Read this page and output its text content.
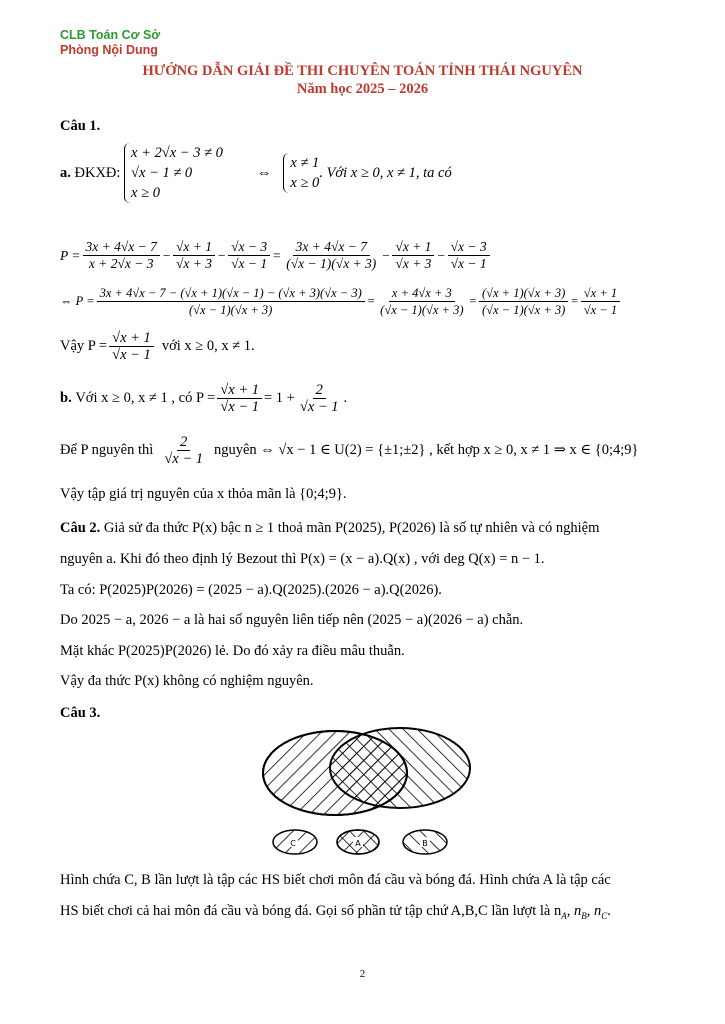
CLB Toán Cơ Sở
Phòng Nội Dung
HƯỚNG DẪN GIẢI ĐỀ THI CHUYÊN TOÁN TỈNH THÁI NGUYÊN
Năm học 2025 – 2026
Câu 1.
a.
ĐKXĐ:

x + 2√x − 3 ≠ 0
√x − 1 ≠ 0
x ≥ 0
⇔
x ≠ 1
x ≥ 0
. Với x ≥ 0, x ≠ 1, ta có
$P = \frac{3x + 4√x - 7}{x + 2√x - 3} - \frac{√x + 1}{√x + 3} - \frac{√x - 3}{√x - 1} = \frac{3x + 4√x - 7}{(√x - 1)(√x + 3)} - \frac{√x + 1}{√x + 3} - \frac{√x - 3}{√x - 1}$
⇔ $P = \frac{3x + 4√x - 7 - (√x + 1)(√x - 1) - (√x + 3)(√x - 3)}{(√x - 1)(√x + 3)} = \frac{x + 4√x + 3}{(√x - 1)(√x + 3)} = \frac{(√x + 1)(√x + 3)}{(√x - 1)(√x + 3)} = \frac{√x + 1}{√x - 1}$
Vậy $P = \frac{√x + 1}{√x - 1}$ với x ≥ 0, x ≠ 1.
b.
Với x ≥ 0, x ≠ 1 , có $P = \frac{√x + 1}{√x - 1} = 1 + \frac{2}{√x - 1}$ .
Để P nguyên thì $\frac{2}{√x - 1}$ nguyên ⇔ √x − 1 ∈ U(2) = {±1;±2} , kết hợp x ≥ 0, x ≠ 1 ⇒ x ∈ {0;4;9}
Vậy tập giá trị nguyên của x thỏa mãn là {0;4;9}.
Câu 2. Giả sử đa thức P(x) bậc n ≥ 1 thoả mãn P(2025), P(2026) là số tự nhiên và có nghiệm
nguyên a. Khi đó theo định lý Bezout thì P(x) = (x − a).Q(x) , với deg Q(x) = n − 1.
Ta có: P(2025)P(2026) = (2025 − a).Q(2025).(2026 − a).Q(2026).
Do 2025 − a, 2026 − a là hai số nguyên liên tiếp nên (2025 − a)(2026 − a) chẵn.
Mặt khác P(2025)P(2026) lẻ. Do đó xảy ra điều mâu thuẫn.
Vậy đa thức P(x) không có nghiệm nguyên.
Câu 3.
C	A	B
Hình chứa C, B lần lượt là tập các HS biết chơi môn đá cầu và bóng đá. Hình chứa A là tập các
HS biết chơi cả hai môn đá cầu và bóng đá. Gọi số phần tử tập chứ A,B,C lần lượt là $n_A$, $n_B$, $n_C$.
2
